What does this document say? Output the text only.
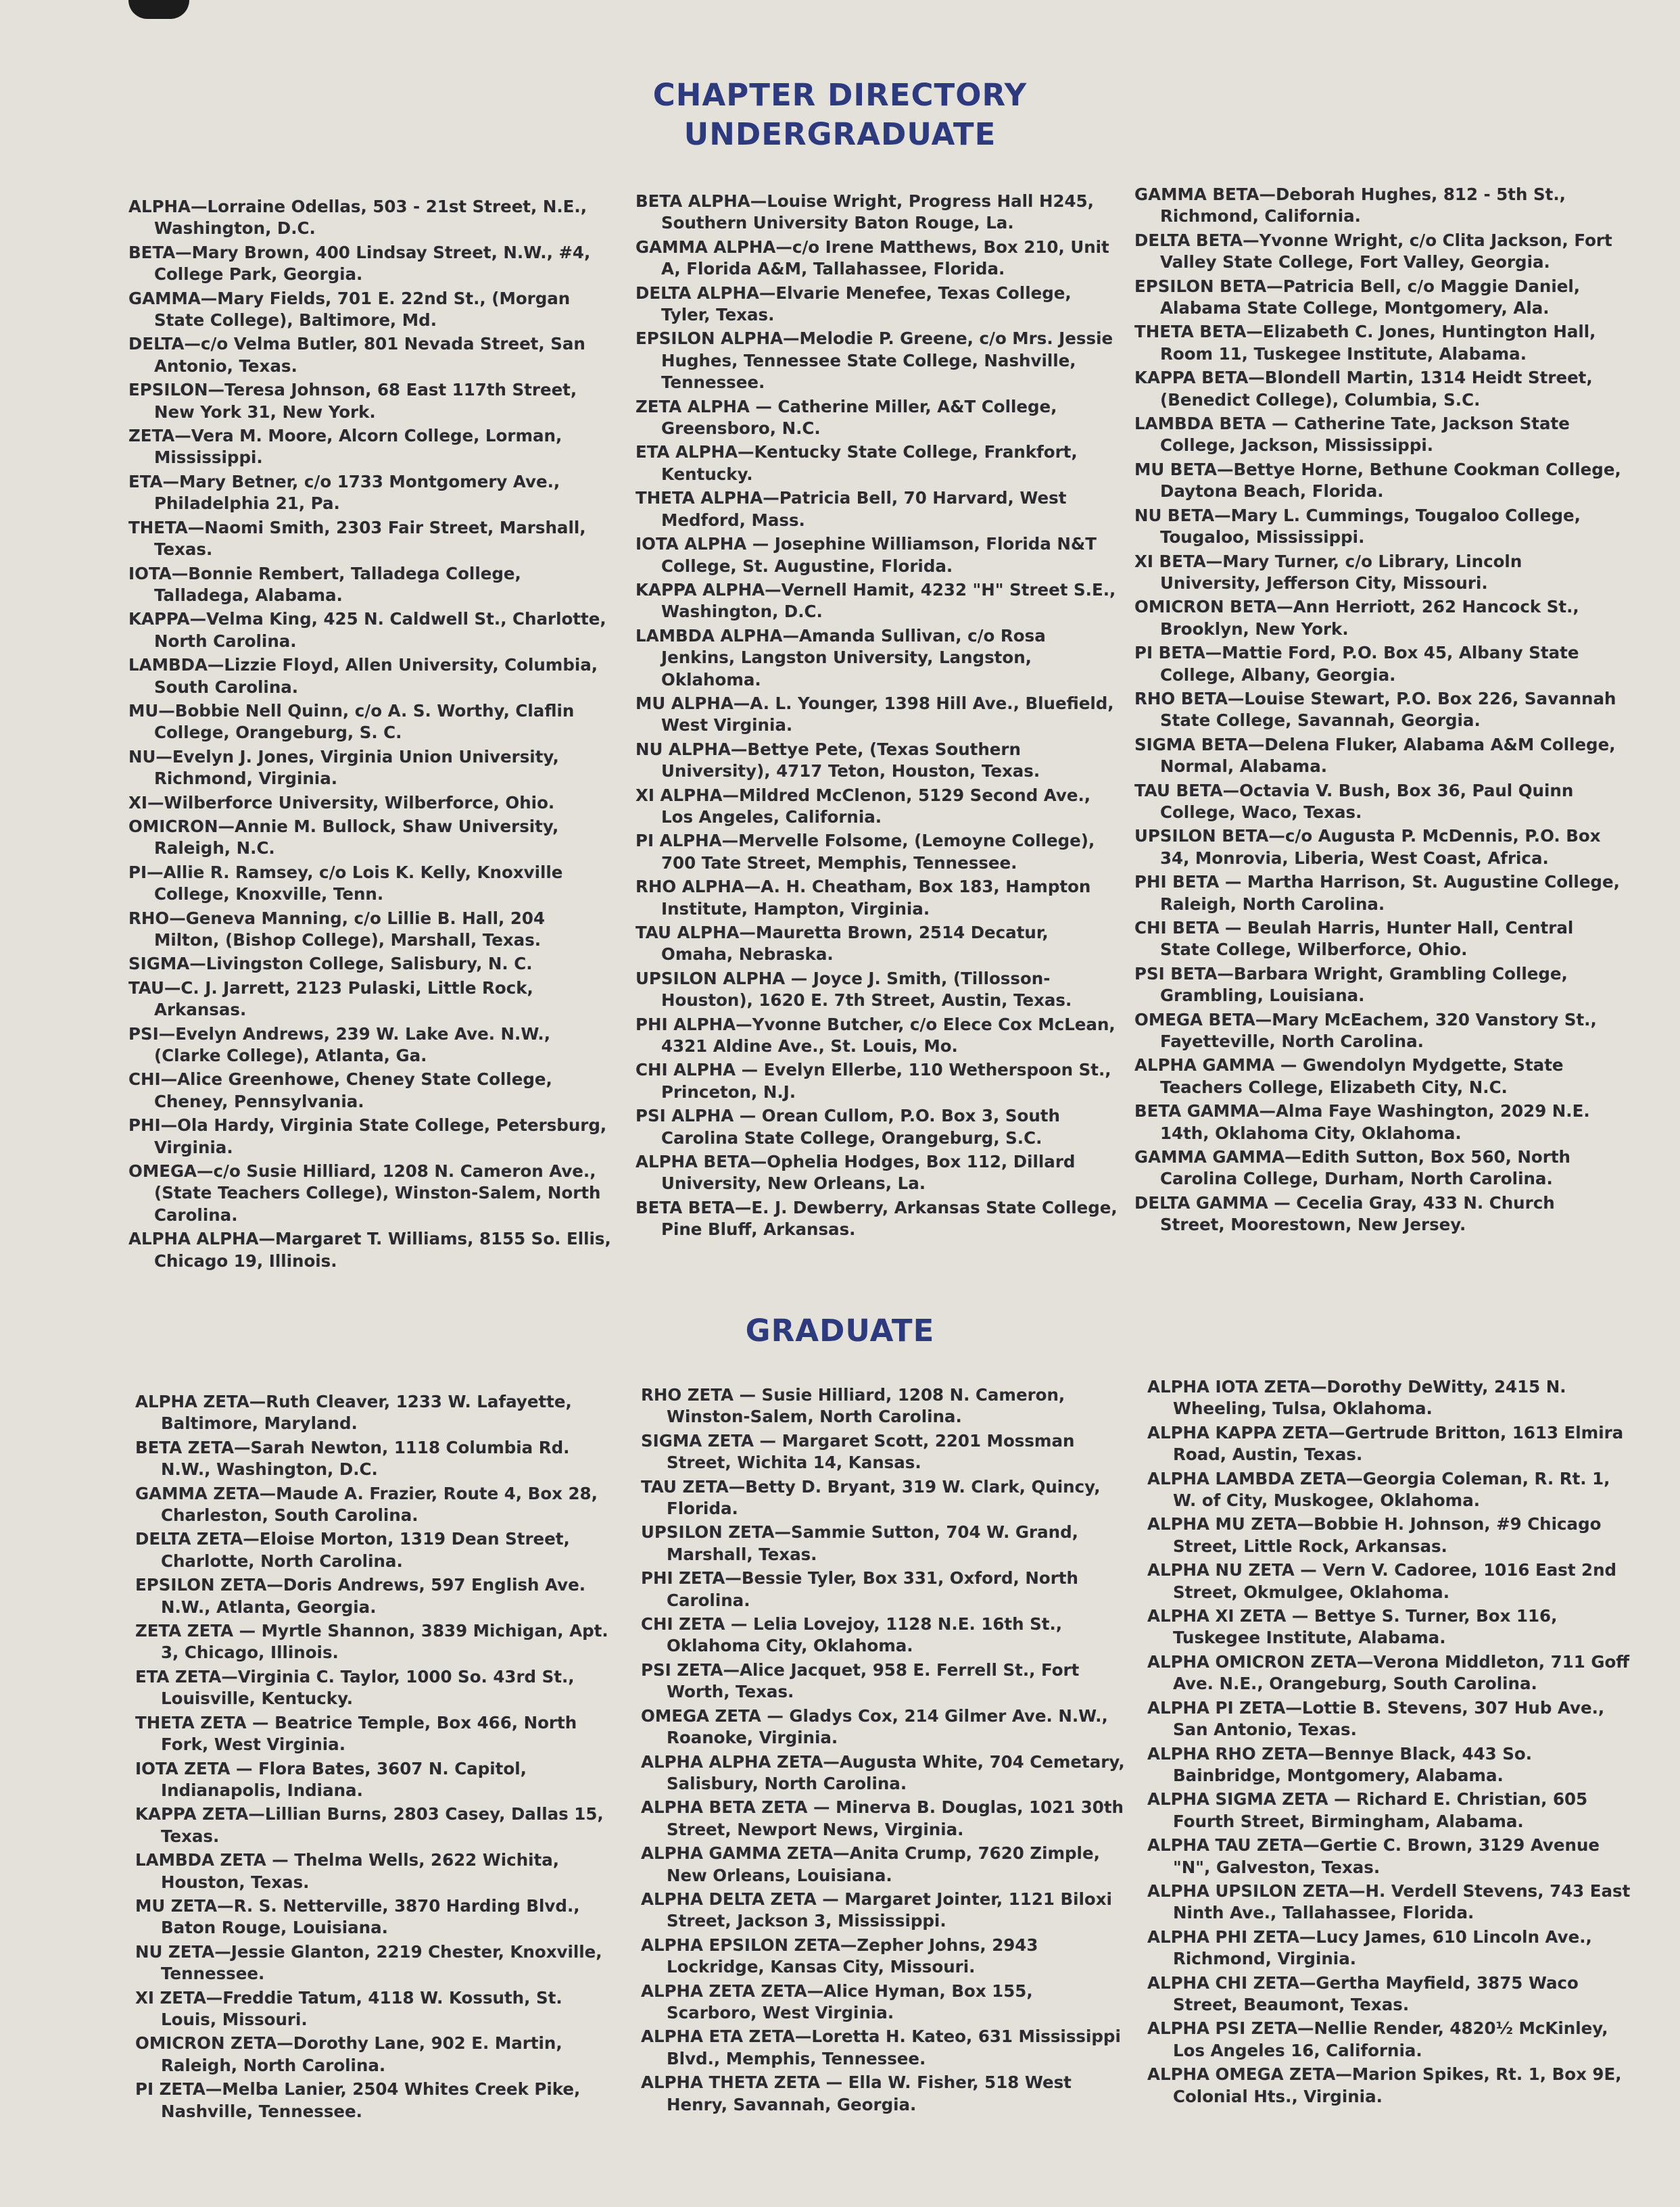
CHAPTER DIRECTORY
UNDERGRADUATE
ALPHA—Lorraine Odellas, 503 - 21st Street, N.E., Washington, D.C.
BETA—Mary Brown, 400 Lindsay Street, N.W., #4, College Park, Georgia.
GAMMA—Mary Fields, 701 E. 22nd St., (Morgan State College), Baltimore, Md.
DELTA—c/o Velma Butler, 801 Nevada Street, San Antonio, Texas.
EPSILON—Teresa Johnson, 68 East 117th Street, New York 31, New York.
ZETA—Vera M. Moore, Alcorn College, Lorman, Mississippi.
ETA—Mary Betner, c/o 1733 Montgomery Ave., Philadelphia 21, Pa.
THETA—Naomi Smith, 2303 Fair Street, Marshall, Texas.
IOTA—Bonnie Rembert, Talladega College, Talladega, Alabama.
KAPPA—Velma King, 425 N. Caldwell St., Charlotte, North Carolina.
LAMBDA—Lizzie Floyd, Allen University, Columbia, South Carolina.
MU—Bobbie Nell Quinn, c/o A. S. Worthy, Claflin College, Orangeburg, S. C.
NU—Evelyn J. Jones, Virginia Union University, Richmond, Virginia.
XI—Wilberforce University, Wilberforce, Ohio.
OMICRON—Annie M. Bullock, Shaw University, Raleigh, N.C.
PI—Allie R. Ramsey, c/o Lois K. Kelly, Knoxville College, Knoxville, Tenn.
RHO—Geneva Manning, c/o Lillie B. Hall, 204 Milton, (Bishop College), Marshall, Texas.
SIGMA—Livingston College, Salisbury, N. C.
TAU—C. J. Jarrett, 2123 Pulaski, Little Rock, Arkansas.
PSI—Evelyn Andrews, 239 W. Lake Ave. N.W., (Clarke College), Atlanta, Ga.
CHI—Alice Greenhowe, Cheney State College, Cheney, Pennsylvania.
PHI—Ola Hardy, Virginia State College, Petersburg, Virginia.
OMEGA—c/o Susie Hilliard, 1208 N. Cameron Ave., (State Teachers College), Winston-Salem, North Carolina.
ALPHA ALPHA—Margaret T. Williams, 8155 So. Ellis, Chicago 19, Illinois.
BETA ALPHA—Louise Wright, Progress Hall H245, Southern University Baton Rouge, La.
GAMMA ALPHA—c/o Irene Matthews, Box 210, Unit A, Florida A&M, Tallahassee, Florida.
DELTA ALPHA—Elvarie Menefee, Texas College, Tyler, Texas.
EPSILON ALPHA—Melodie P. Greene, c/o Mrs. Jessie Hughes, Tennessee State College, Nashville, Tennessee.
ZETA ALPHA — Catherine Miller, A&T College, Greensboro, N.C.
ETA ALPHA—Kentucky State College, Frankfort, Kentucky.
THETA ALPHA—Patricia Bell, 70 Harvard, West Medford, Mass.
IOTA ALPHA — Josephine Williamson, Florida N&T College, St. Augustine, Florida.
KAPPA ALPHA—Vernell Hamit, 4232 "H" Street S.E., Washington, D.C.
LAMBDA ALPHA—Amanda Sullivan, c/o Rosa Jenkins, Langston University, Langston, Oklahoma.
MU ALPHA—A. L. Younger, 1398 Hill Ave., Bluefield, West Virginia.
NU ALPHA—Bettye Pete, (Texas Southern University), 4717 Teton, Houston, Texas.
XI ALPHA—Mildred McClenon, 5129 Second Ave., Los Angeles, California.
PI ALPHA—Mervelle Folsome, (Lemoyne College), 700 Tate Street, Memphis, Tennessee.
RHO ALPHA—A. H. Cheatham, Box 183, Hampton Institute, Hampton, Virginia.
TAU ALPHA—Mauretta Brown, 2514 Decatur, Omaha, Nebraska.
UPSILON ALPHA — Joyce J. Smith, (Tillosson-Houston), 1620 E. 7th Street, Austin, Texas.
PHI ALPHA—Yvonne Butcher, c/o Elece Cox McLean, 4321 Aldine Ave., St. Louis, Mo.
CHI ALPHA — Evelyn Ellerbe, 110 Wetherspoon St., Princeton, N.J.
PSI ALPHA — Orean Cullom, P.O. Box 3, South Carolina State College, Orangeburg, S.C.
ALPHA BETA—Ophelia Hodges, Box 112, Dillard University, New Orleans, La.
BETA BETA—E. J. Dewberry, Arkansas State College, Pine Bluff, Arkansas.
GAMMA BETA—Deborah Hughes, 812 - 5th St., Richmond, California.
DELTA BETA—Yvonne Wright, c/o Clita Jackson, Fort Valley State College, Fort Valley, Georgia.
EPSILON BETA—Patricia Bell, c/o Maggie Daniel, Alabama State College, Montgomery, Ala.
THETA BETA—Elizabeth C. Jones, Huntington Hall, Room 11, Tuskegee Institute, Alabama.
KAPPA BETA—Blondell Martin, 1314 Heidt Street, (Benedict College), Columbia, S.C.
LAMBDA BETA — Catherine Tate, Jackson State College, Jackson, Mississippi.
MU BETA—Bettye Horne, Bethune Cookman College, Daytona Beach, Florida.
NU BETA—Mary L. Cummings, Tougaloo College, Tougaloo, Mississippi.
XI BETA—Mary Turner, c/o Library, Lincoln University, Jefferson City, Missouri.
OMICRON BETA—Ann Herriott, 262 Hancock St., Brooklyn, New York.
PI BETA—Mattie Ford, P.O. Box 45, Albany State College, Albany, Georgia.
RHO BETA—Louise Stewart, P.O. Box 226, Savannah State College, Savannah, Georgia.
SIGMA BETA—Delena Fluker, Alabama A&M College, Normal, Alabama.
TAU BETA—Octavia V. Bush, Box 36, Paul Quinn College, Waco, Texas.
UPSILON BETA—c/o Augusta P. McDennis, P.O. Box 34, Monrovia, Liberia, West Coast, Africa.
PHI BETA — Martha Harrison, St. Augustine College, Raleigh, North Carolina.
CHI BETA — Beulah Harris, Hunter Hall, Central State College, Wilberforce, Ohio.
PSI BETA—Barbara Wright, Grambling College, Grambling, Louisiana.
OMEGA BETA—Mary McEachem, 320 Vanstory St., Fayetteville, North Carolina.
ALPHA GAMMA — Gwendolyn Mydgette, State Teachers College, Elizabeth City, N.C.
BETA GAMMA—Alma Faye Washington, 2029 N.E. 14th, Oklahoma City, Oklahoma.
GAMMA GAMMA—Edith Sutton, Box 560, North Carolina College, Durham, North Carolina.
DELTA GAMMA — Cecelia Gray, 433 N. Church Street, Moorestown, New Jersey.
GRADUATE
ALPHA ZETA—Ruth Cleaver, 1233 W. Lafayette, Baltimore, Maryland.
BETA ZETA—Sarah Newton, 1118 Columbia Rd. N.W., Washington, D.C.
GAMMA ZETA—Maude A. Frazier, Route 4, Box 28, Charleston, South Carolina.
DELTA ZETA—Eloise Morton, 1319 Dean Street, Charlotte, North Carolina.
EPSILON ZETA—Doris Andrews, 597 English Ave. N.W., Atlanta, Georgia.
ZETA ZETA — Myrtle Shannon, 3839 Michigan, Apt. 3, Chicago, Illinois.
ETA ZETA—Virginia C. Taylor, 1000 So. 43rd St., Louisville, Kentucky.
THETA ZETA — Beatrice Temple, Box 466, North Fork, West Virginia.
IOTA ZETA — Flora Bates, 3607 N. Capitol, Indianapolis, Indiana.
KAPPA ZETA—Lillian Burns, 2803 Casey, Dallas 15, Texas.
LAMBDA ZETA — Thelma Wells, 2622 Wichita, Houston, Texas.
MU ZETA—R. S. Netterville, 3870 Harding Blvd., Baton Rouge, Louisiana.
NU ZETA—Jessie Glanton, 2219 Chester, Knoxville, Tennessee.
XI ZETA—Freddie Tatum, 4118 W. Kossuth, St. Louis, Missouri.
OMICRON ZETA—Dorothy Lane, 902 E. Martin, Raleigh, North Carolina.
PI ZETA—Melba Lanier, 2504 Whites Creek Pike, Nashville, Tennessee.
RHO ZETA — Susie Hilliard, 1208 N. Cameron, Winston-Salem, North Carolina.
SIGMA ZETA — Margaret Scott, 2201 Mossman Street, Wichita 14, Kansas.
TAU ZETA—Betty D. Bryant, 319 W. Clark, Quincy, Florida.
UPSILON ZETA—Sammie Sutton, 704 W. Grand, Marshall, Texas.
PHI ZETA—Bessie Tyler, Box 331, Oxford, North Carolina.
CHI ZETA — Lelia Lovejoy, 1128 N.E. 16th St., Oklahoma City, Oklahoma.
PSI ZETA—Alice Jacquet, 958 E. Ferrell St., Fort Worth, Texas.
OMEGA ZETA — Gladys Cox, 214 Gilmer Ave. N.W., Roanoke, Virginia.
ALPHA ALPHA ZETA—Augusta White, 704 Cemetary, Salisbury, North Carolina.
ALPHA BETA ZETA — Minerva B. Douglas, 1021 30th Street, Newport News, Virginia.
ALPHA GAMMA ZETA—Anita Crump, 7620 Zimple, New Orleans, Louisiana.
ALPHA DELTA ZETA — Margaret Jointer, 1121 Biloxi Street, Jackson 3, Mississippi.
ALPHA EPSILON ZETA—Zepher Johns, 2943 Lockridge, Kansas City, Missouri.
ALPHA ZETA ZETA—Alice Hyman, Box 155, Scarboro, West Virginia.
ALPHA ETA ZETA—Loretta H. Kateo, 631 Mississippi Blvd., Memphis, Tennessee.
ALPHA THETA ZETA — Ella W. Fisher, 518 West Henry, Savannah, Georgia.
ALPHA IOTA ZETA—Dorothy DeWitty, 2415 N. Wheeling, Tulsa, Oklahoma.
ALPHA KAPPA ZETA—Gertrude Britton, 1613 Elmira Road, Austin, Texas.
ALPHA LAMBDA ZETA—Georgia Coleman, R. Rt. 1, W. of City, Muskogee, Oklahoma.
ALPHA MU ZETA—Bobbie H. Johnson, #9 Chicago Street, Little Rock, Arkansas.
ALPHA NU ZETA — Vern V. Cadoree, 1016 East 2nd Street, Okmulgee, Oklahoma.
ALPHA XI ZETA — Bettye S. Turner, Box 116, Tuskegee Institute, Alabama.
ALPHA OMICRON ZETA—Verona Middleton, 711 Goff Ave. N.E., Orangeburg, South Carolina.
ALPHA PI ZETA—Lottie B. Stevens, 307 Hub Ave., San Antonio, Texas.
ALPHA RHO ZETA—Bennye Black, 443 So. Bainbridge, Montgomery, Alabama.
ALPHA SIGMA ZETA — Richard E. Christian, 605 Fourth Street, Birmingham, Alabama.
ALPHA TAU ZETA—Gertie C. Brown, 3129 Avenue "N", Galveston, Texas.
ALPHA UPSILON ZETA—H. Verdell Stevens, 743 East Ninth Ave., Tallahassee, Florida.
ALPHA PHI ZETA—Lucy James, 610 Lincoln Ave., Richmond, Virginia.
ALPHA CHI ZETA—Gertha Mayfield, 3875 Waco Street, Beaumont, Texas.
ALPHA PSI ZETA—Nellie Render, 4820½ McKinley, Los Angeles 16, California.
ALPHA OMEGA ZETA—Marion Spikes, Rt. 1, Box 9E, Colonial Hts., Virginia.
